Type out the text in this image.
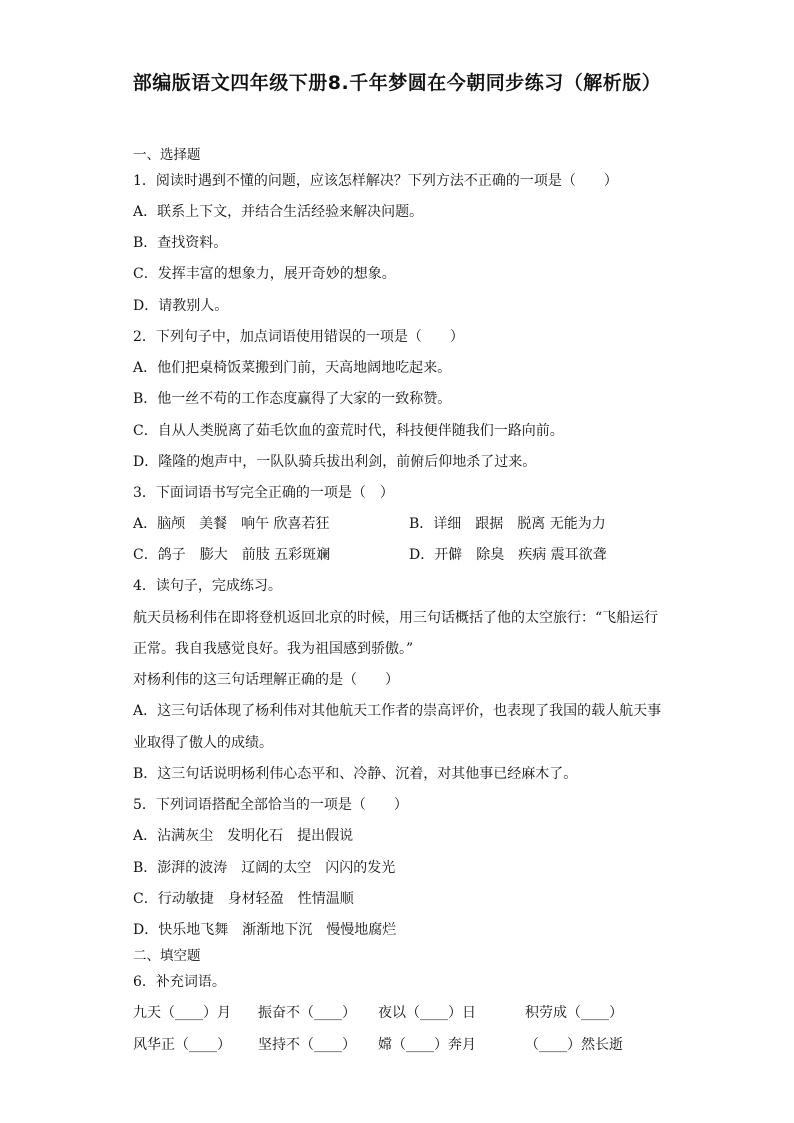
部编版语文四年级下册8.千年梦圆在今朝同步练习（解析版）
一、选择题
1．阅读时遇到不懂的问题，应该怎样解决？下列方法不正确的一项是（　　）
A．联系上下文，并结合生活经验来解决问题。
B．查找资料。
C．发挥丰富的想象力，展开奇妙的想象。
D．请教别人。
2．下列句子中，加点词语使用错误的一项是（　　）
A．他们把桌椅饭菜搬到门前，天高地阔地吃起来。
B．他一丝不苟的工作态度赢得了大家的一致称赞。
C．自从人类脱离了茹毛饮血的蛮荒时代，科技便伴随我们一路向前。
D．隆隆的炮声中，一队队骑兵拔出利剑，前俯后仰地杀了过来。
3．下面词语书写完全正确的一项是（　）
A．脑颅　美餐　响午 欣喜若狂	B．详细　跟据　脱离 无能为力
C．鸽子　膨大　前肢 五彩斑斓	D．开僻　除臭　疾病 震耳欲聋
4．读句子，完成练习。
航天员杨利伟在即将登机返回北京的时候，用三句话概括了他的太空旅行：“飞船运行
正常。我自我感觉良好。我为祖国感到骄傲。”
对杨利伟的这三句话理解正确的是（　　）
A．这三句话体现了杨利伟对其他航天工作者的崇高评价，也表现了我国的载人航天事
业取得了傲人的成绩。
B．这三句话说明杨利伟心态平和、冷静、沉着，对其他事已经麻木了。
5．下列词语搭配全部恰当的一项是（　　）
A．沾满灰尘　发明化石　提出假说
B．澎湃的波涛　辽阔的太空　闪闪的发光
C．行动敏捷　身材轻盈　性情温顺
D．快乐地飞舞　渐渐地下沉　慢慢地腐烂
二、填空题
6．补充词语。
九天（____）月 振奋不（____） 夜以（____）日	积劳成（____）
风华正（____） 坚持不（____） 嫦（____）奔月	（____）然长逝
